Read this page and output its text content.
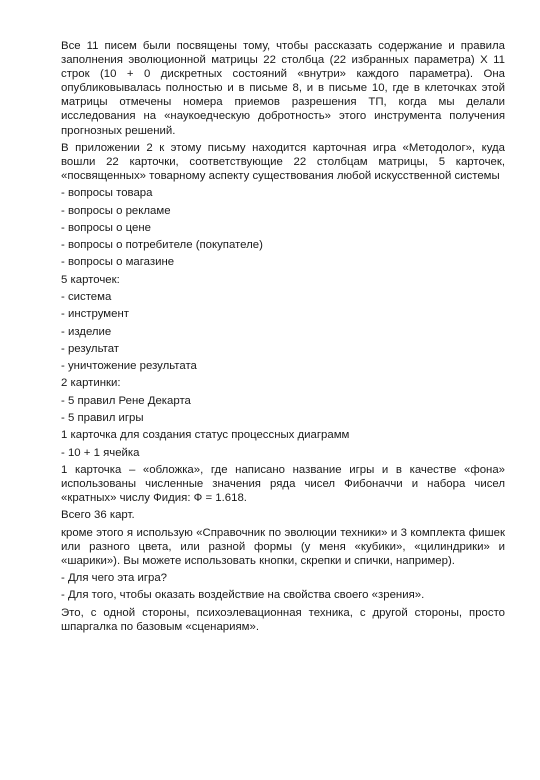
Все 11 писем были посвящены тому, чтобы рассказать содержание и правила заполнения эволюционной матрицы 22 столбца (22 избранных параметра) Х 11 строк (10 + 0 дискретных состояний «внутри» каждого параметра). Она опубликовывалась полностью и в письме 8, и в письме 10, где в клеточках этой матрицы отмечены номера приемов разрешения ТП, когда мы делали исследования на «наукоедческую добротность» этого инструмента получения прогнозных решений.

В приложении 2 к этому письму находится карточная игра «Методолог», куда вошли 22 карточки, соответствующие 22 столбцам матрицы, 5 карточек, «посвященных» товарному аспекту существования любой искусственной системы

- вопросы товара
- вопросы о рекламе
- вопросы о цене
- вопросы о потребителе (покупателе)
- вопросы о магазине
5 карточек:
- система
- инструмент
- изделие
- результат
- уничтожение результата
2 картинки:
- 5 правил Рене Декарта
- 5 правил игры
1 карточка для создания статус процессных диаграмм
- 10 + 1 ячейка

1 карточка – «обложка», где написано название игры и в качестве «фона» использованы численные значения ряда чисел Фибоначчи и набора чисел «кратных» числу Фидия: Ф = 1.618.

Всего 36 карт.

кроме этого я использую «Справочник по эволюции техники» и 3 комплекта фишек или разного цвета, или разной формы (у меня «кубики», «цилиндрики» и «шарики»). Вы можете использовать кнопки, скрепки и спички, например).

- Для чего эта игра?
- Для того, чтобы оказать воздействие на свойства своего «зрения».

Это, с одной стороны, психоэлевационная техника, с другой стороны, просто шпаргалка по базовым «сценариям».
